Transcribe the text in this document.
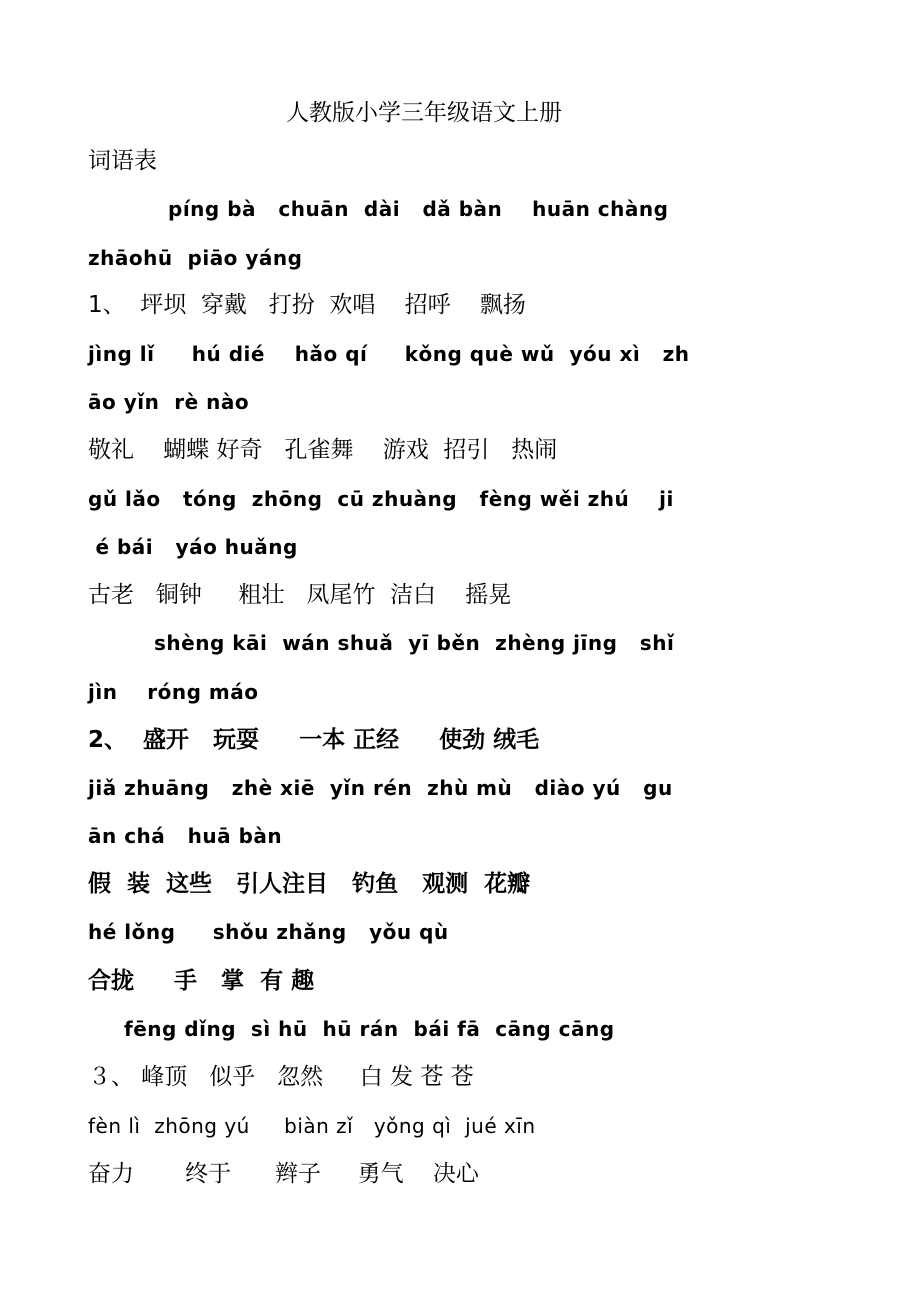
人教版小学三年级语文上册
词语表
píng bà   chuān  dài   dǎ bàn    huān chàng
zhāohū  piāo yáng
1、  坪坝  穿戴   打扮  欢唱    招呼    飘扬
jìng lǐ     hú dié    hǎo qí     kǒng què wǔ  yóu xì   zh
āo yǐn  rè nào
敬礼    蝴蝶 好奇   孔雀舞    游戏  招引   热闹
gǔ lǎo   tóng  zhōng  cū zhuàng   fèng wěi zhú    ji
é bái   yáo huǎng
古老   铜钟     粗壮   凤尾竹  洁白    摇晃
shèng kāi  wán shuǎ  yī běn  zhèng jīng   shǐ
jìn    róng máo
2、  盛开   玩耍     一本 正经     使劲 绒毛
jiǎ zhuāng   zhè xiē  yǐn rén  zhù mù   diào yú   gu
ān chá   huā bàn
假  装  这些   引人注目   钓鱼   观测  花瓣
hé lǒng     shǒu zhǎng   yǒu qù
合拢     手   掌  有 趣
fēng dǐng  sì hū  hū rán  bái fā  cāng cāng
３、 峰顶   似乎   忽然     白 发 苍 苍
fèn lì  zhōng yú     biàn zǐ   yǒng qì  jué xīn
奋力       终于      辫子     勇气    决心
